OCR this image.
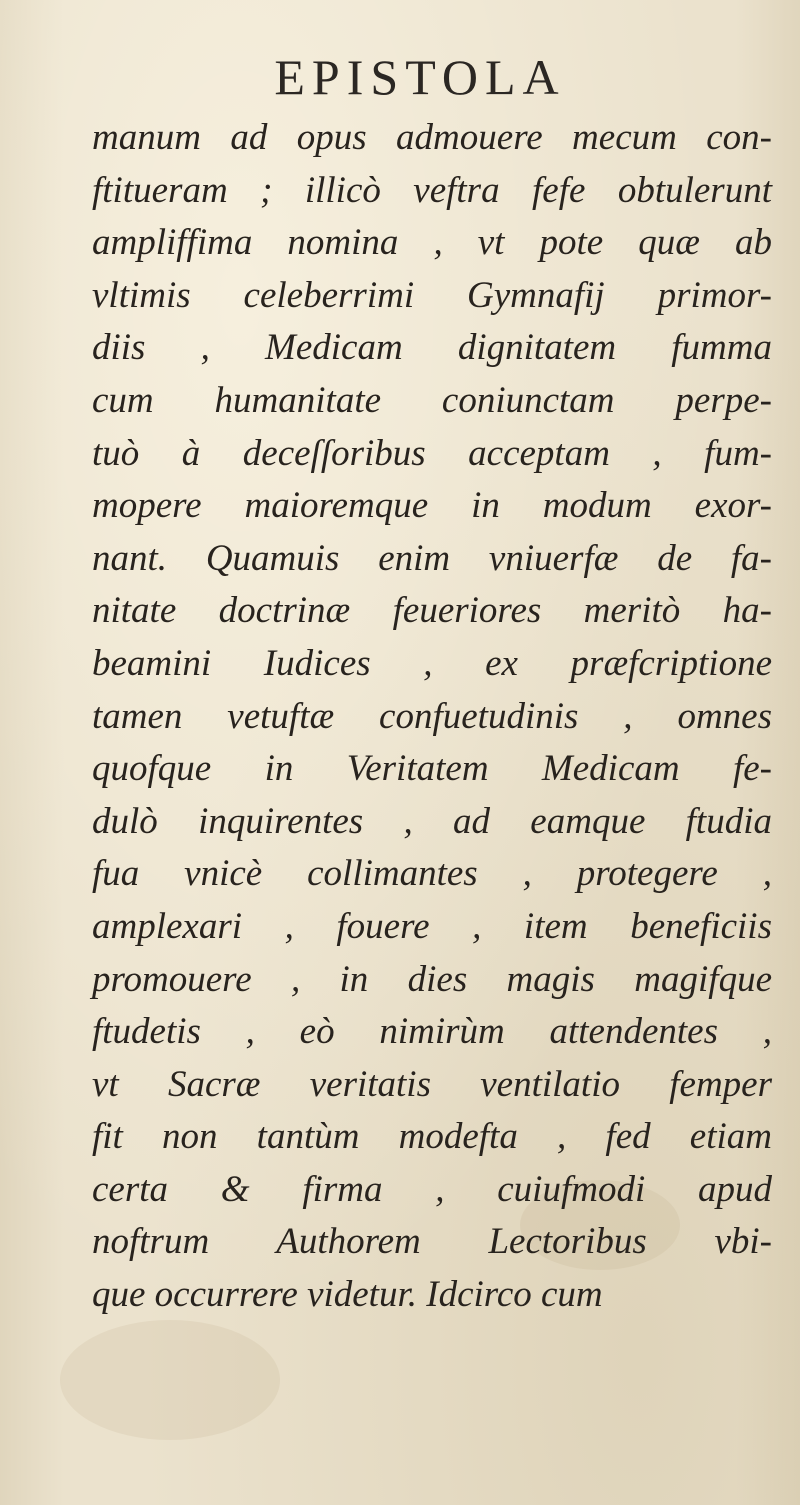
EPISTOLA
manum ad opus admouere mecum con-
ftitueram ; illicò veftra fefe obtulerunt
ampliffima nomina , vt pote quæ ab
vltimis celeberrimi Gymnafij primor-
diis , Medicam dignitatem fumma
cum humanitate coniunctam perpe-
tuò à deceſſoribus acceptam , fum-
mopere maioremque in modum exor-
nant. Quamuis enim vniuerfæ de fa-
nitate doctrinæ feueriores meritò ha-
beamini Iudices , ex præfcriptione
tamen vetuftæ confuetudinis , omnes
quofque in Veritatem Medicam fe-
dulò inquirentes , ad eamque ftudia
fua vnicè collimantes , protegere ,
amplexari , fouere , item beneficiis
promouere , in dies magis magifque
ftudetis , eò nimirùm attendentes ,
vt Sacræ veritatis ventilatio femper
fit non tantùm modefta , fed etiam
certa & firma , cuiufmodi apud
noftrum Authorem Lectoribus vbi-
que occurrere videtur. Idcirco cum
